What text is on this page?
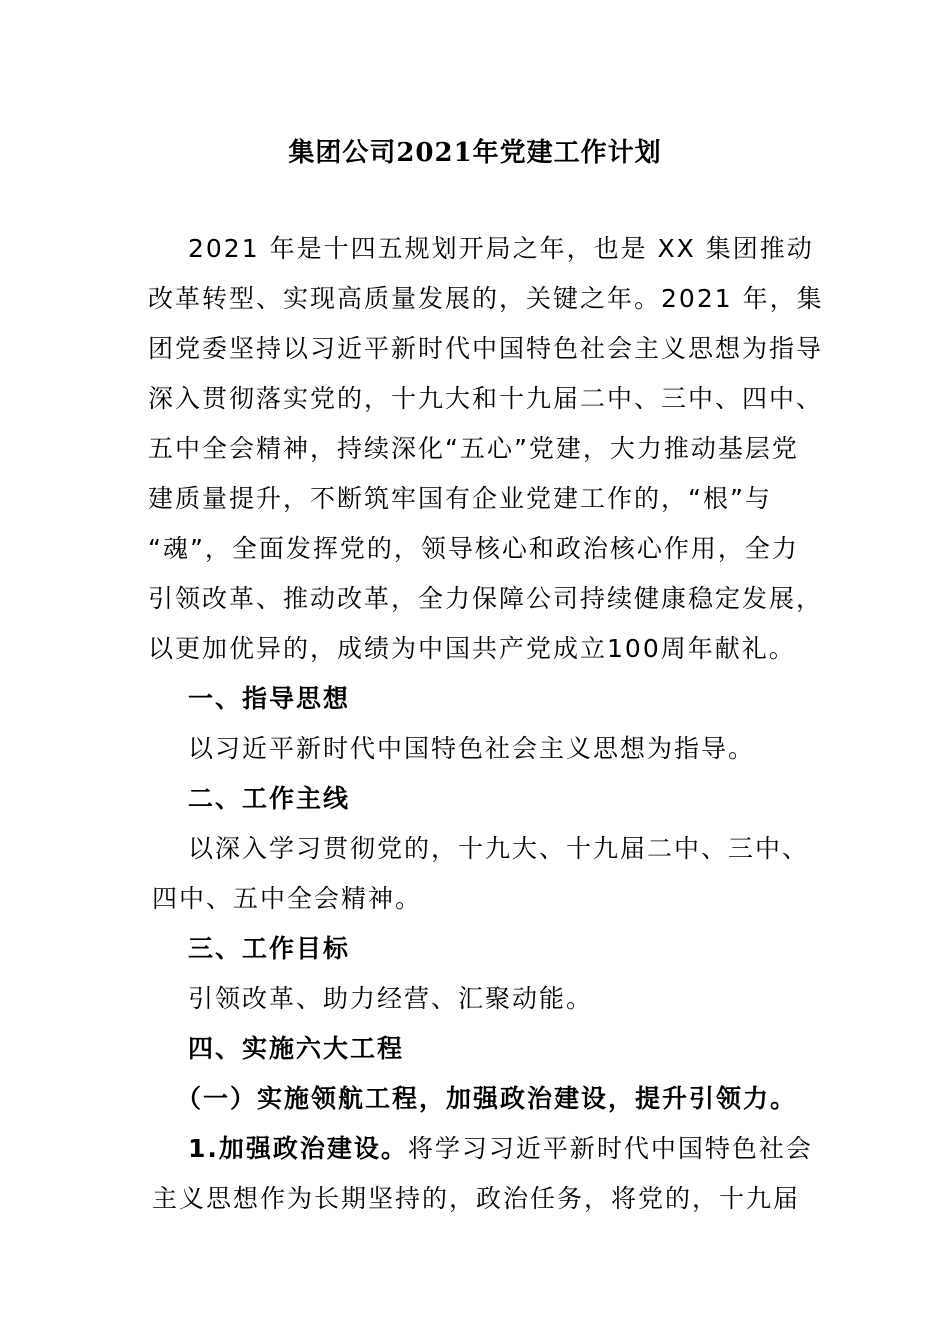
集团公司2021年党建工作计划
2021 年是十四五规划开局之年，也是 XX 集团推动
改革转型、实现高质量发展的，关键之年。2021 年，集
团党委坚持以习近平新时代中国特色社会主义思想为指导
深入贯彻落实党的，十九大和十九届二中、三中、四中、
五中全会精神，持续深化“五心”党建，大力推动基层党
建质量提升，不断筑牢国有企业党建工作的，“根”与
“魂”，全面发挥党的，领导核心和政治核心作用，全力
引领改革、推动改革，全力保障公司持续健康稳定发展，
以更加优异的，成绩为中国共产党成立100周年献礼。
一、指导思想
以习近平新时代中国特色社会主义思想为指导。
二、工作主线
以深入学习贯彻党的，十九大、十九届二中、三中、
四中、五中全会精神。
三、工作目标
引领改革、助力经营、汇聚动能。
四、实施六大工程
（一）实施领航工程，加强政治建设，提升引领力。
1.加强政治建设。将学习习近平新时代中国特色社会
主义思想作为长期坚持的，政治任务，将党的，十九届
